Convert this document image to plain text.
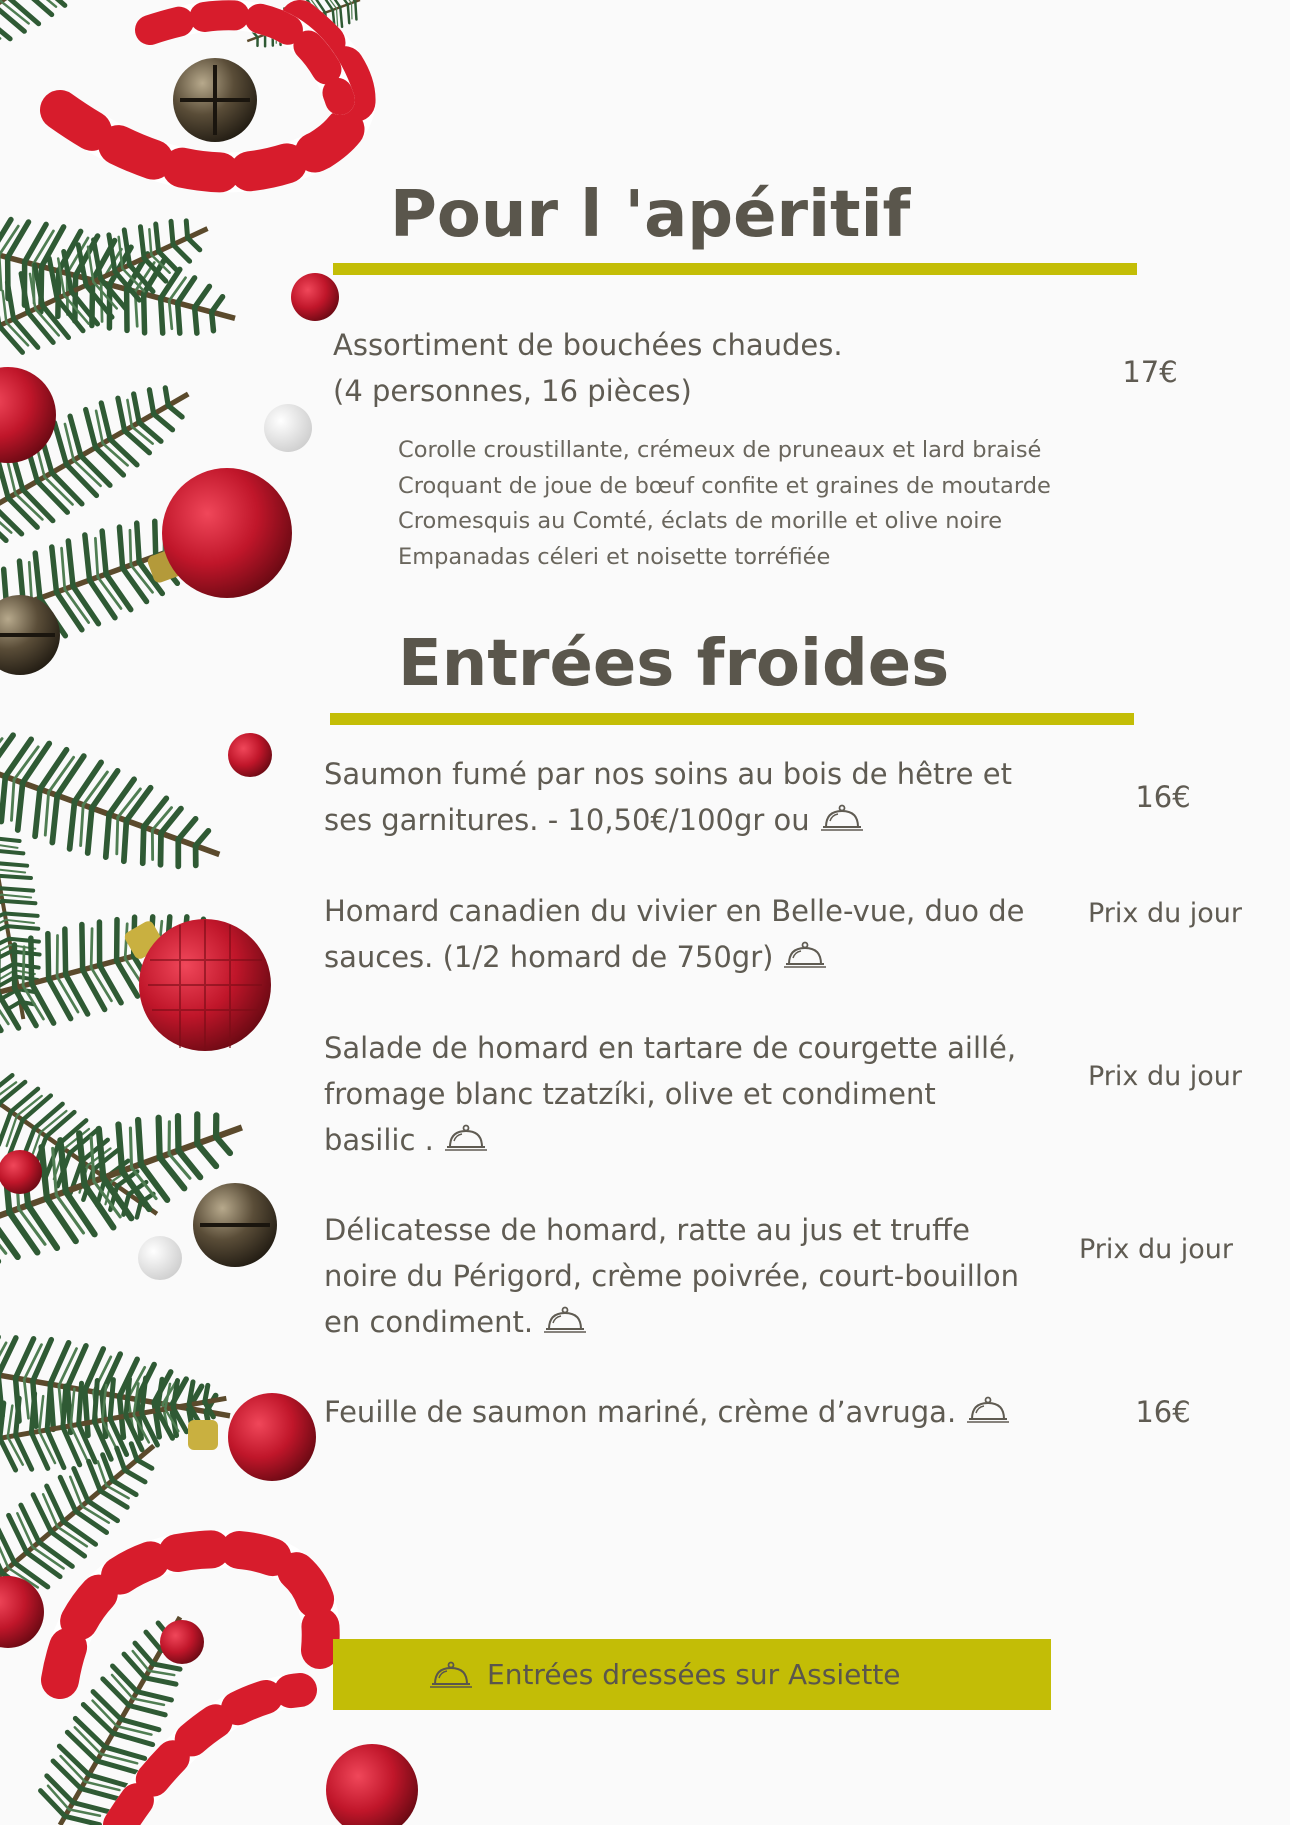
Pour l 'apéritif
Assortiment de bouchées chaudes.
(4 personnes, 16 pièces)
17€
Corolle croustillante, crémeux de pruneaux et lard braisé
Croquant de joue de bœuf confite et graines de moutarde
Cromesquis au Comté, éclats de morille et olive noire
Empanadas céleri et noisette torréfiée
Entrées froides
Saumon fumé par nos soins au bois de hêtre et
ses garnitures. - 10,50€/100gr ou
16€
Homard canadien du vivier en Belle-vue, duo de
sauces. (1/2 homard de 750gr)
Prix du jour
Salade de homard en tartare de courgette aillé,
fromage blanc tzatzíki, olive et condiment
basilic .
Prix du jour
Délicatesse de homard, ratte au jus et truffe
noire du Périgord, crème poivrée, court-bouillon
en condiment.
Prix du jour
Feuille de saumon mariné, crème d’avruga.	16€
Entrées dressées sur Assiette
